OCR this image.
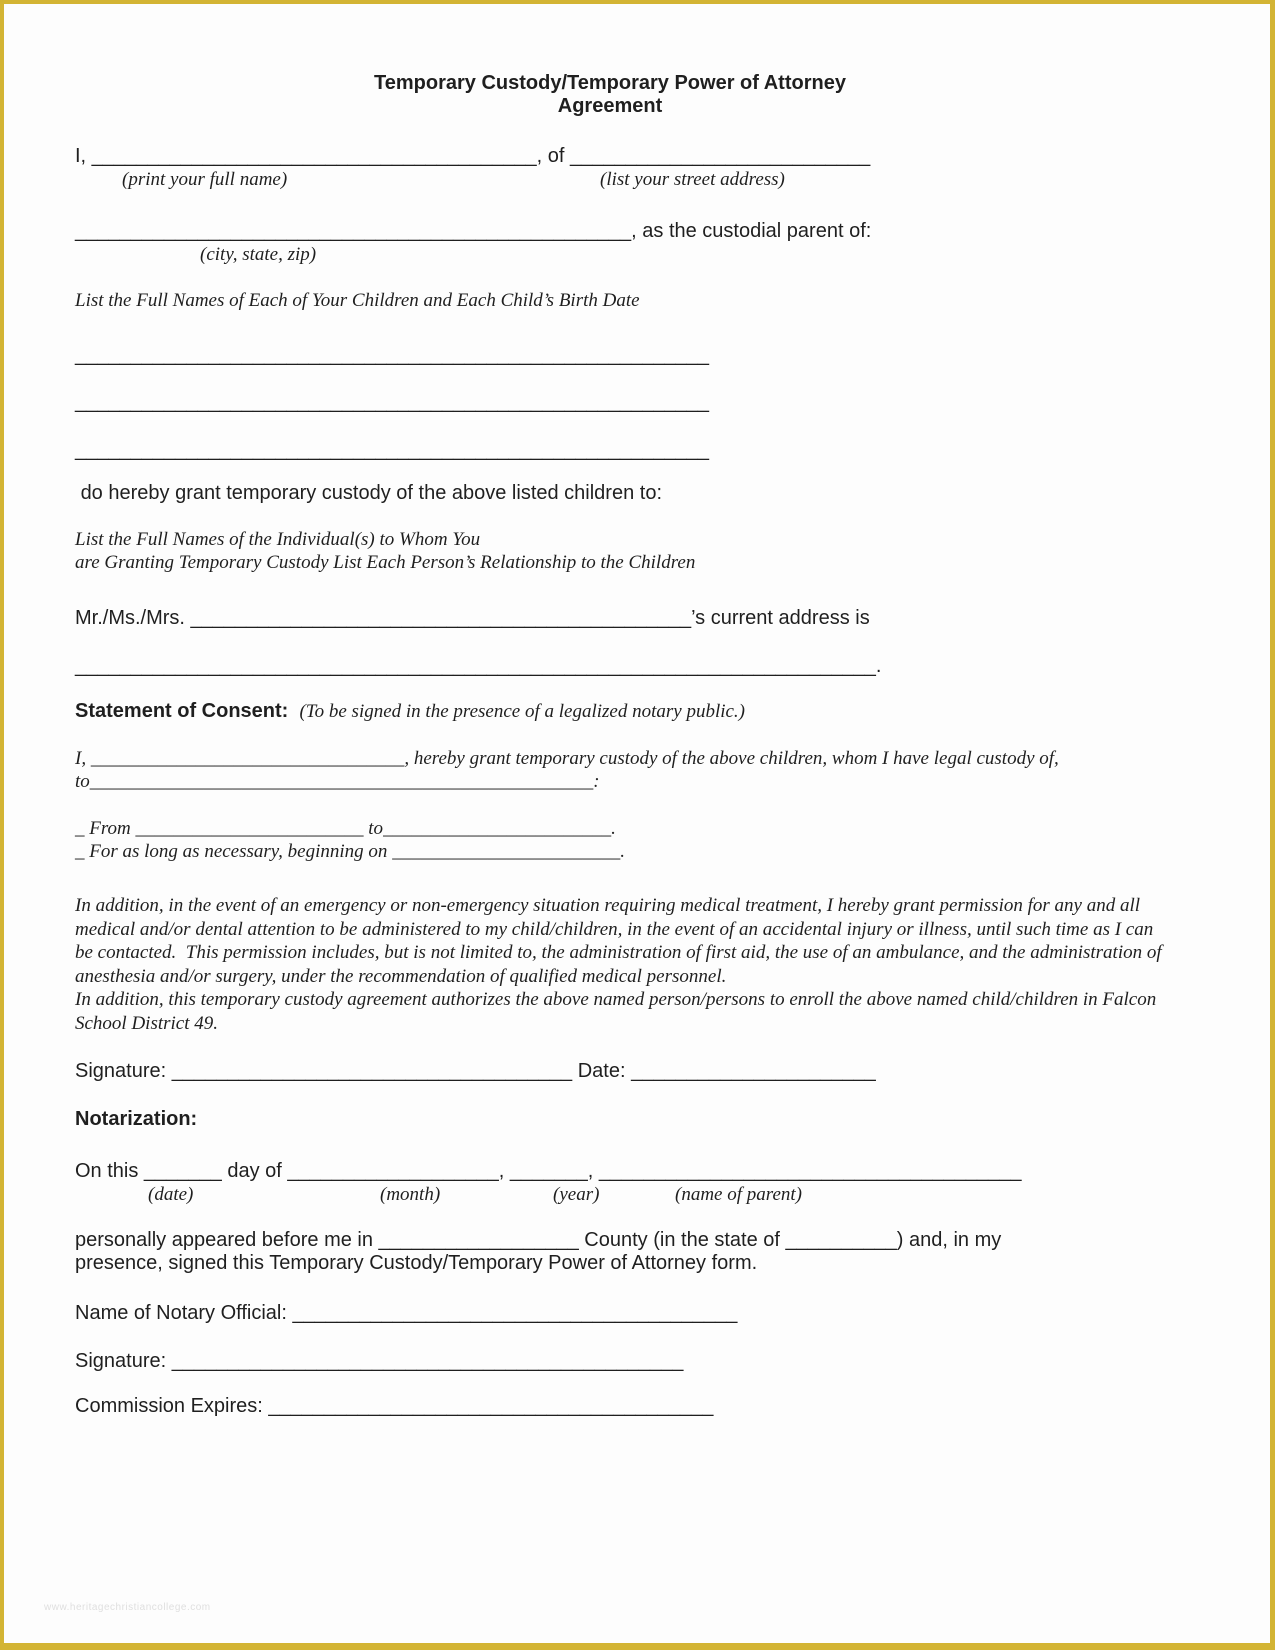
Temporary Custody/Temporary Power of Attorney
Agreement
I, ________________________________________, of ___________________________
(print your full name)	(list your street address)
__________________________________________________, as the custodial parent of:
(city, state, zip)
List the Full Names of Each of Your Children and Each Child’s Birth Date
_________________________________________________________
_________________________________________________________
_________________________________________________________
do hereby grant temporary custody of the above listed children to:
List the Full Names of the Individual(s) to Whom You
are Granting Temporary Custody List Each Person’s Relationship to the Children
Mr./Ms./Mrs. _____________________________________________’s current address is
________________________________________________________________________.
Statement of Consent: (To be signed in the presence of a legalized notary public.)
I, _________________________________, hereby grant temporary custody of the above children, whom I have legal custody of,
to_____________________________________________________:
_ From ________________________ to________________________.
_ For as long as necessary, beginning on ________________________.
In addition, in the event of an emergency or non-emergency situation requiring medical treatment, I hereby grant permission for any and all medical and/or dental attention to be administered to my child/children, in the event of an accidental injury or illness, until such time as I can be contacted.  This permission includes, but is not limited to, the administration of first aid, the use of an ambulance, and the administration of anesthesia and/or surgery, under the recommendation of qualified medical personnel.
In addition, this temporary custody agreement authorizes the above named person/persons to enroll the above named child/children in Falcon School District 49.
Signature: ____________________________________ Date: ______________________
Notarization:
On this _______ day of ___________________, _______, ______________________________________
(date)	(month)	(year)	(name of parent)
personally appeared before me in __________________ County (in the state of __________) and, in my
presence, signed this Temporary Custody/Temporary Power of Attorney form.
Name of Notary Official: ________________________________________
Signature: ______________________________________________
Commission Expires: ________________________________________
www.heritagechristiancollege.com
